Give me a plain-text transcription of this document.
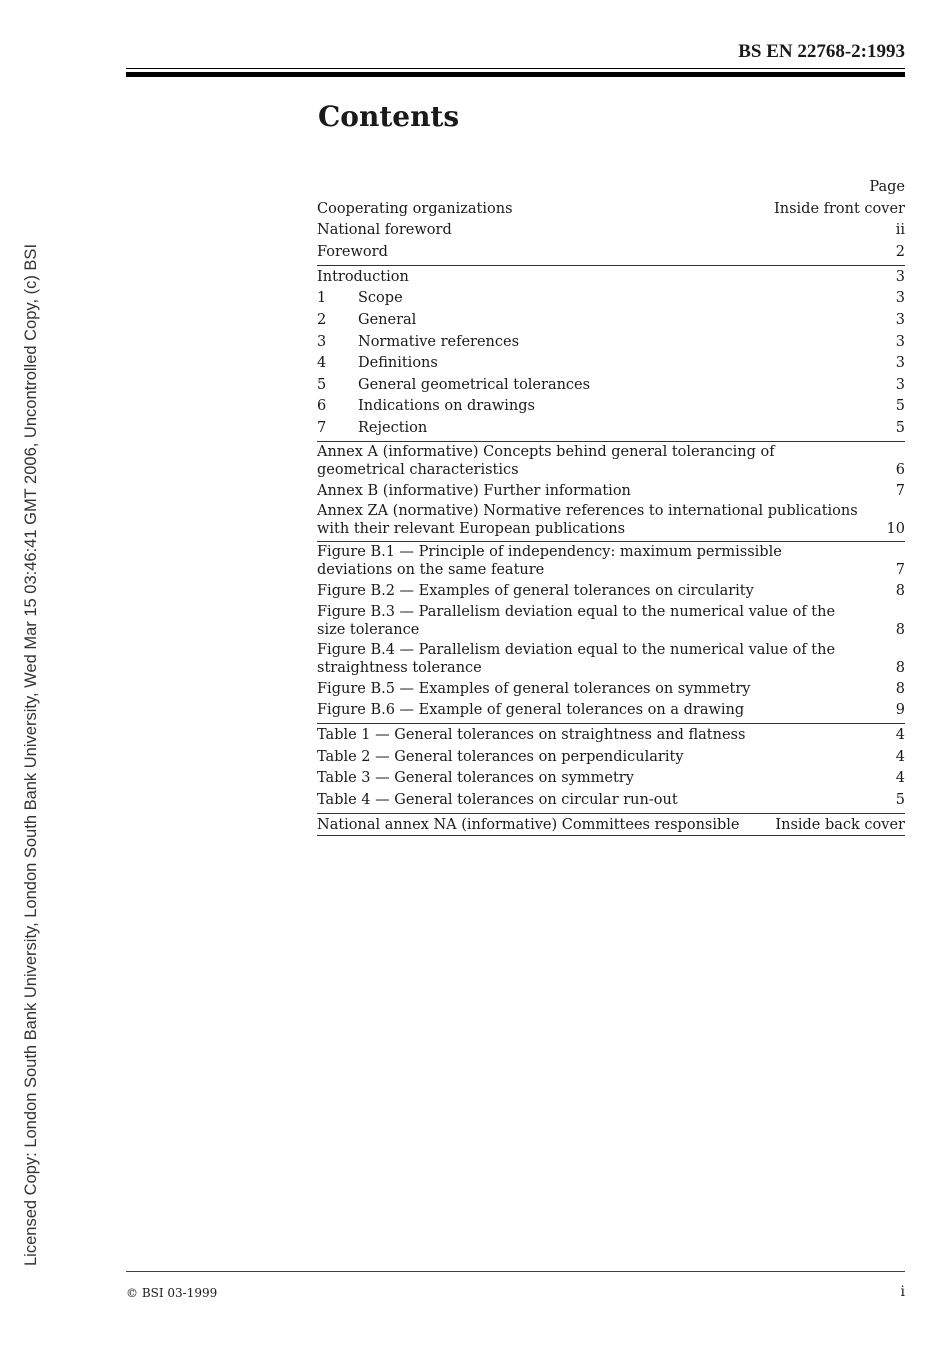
Licensed Copy: London South Bank University, London South Bank University, Wed Mar 15 03:46:41 GMT 2006, Uncontrolled Copy, (c) BSI
BS EN 22768-2:1993
Contents
Page
Cooperating organizations	Inside front cover
National foreword	ii
Foreword	2
Introduction	3
1 Scope	3
2 General	3
3 Normative references	3
4 Definitions	3
5 General geometrical tolerances	3
6 Indications on drawings	5
7 Rejection	5
Annex A (informative) Concepts behind general tolerancing of
geometrical characteristics	6
Annex B (informative) Further information	7
Annex ZA (normative) Normative references to international publications
with their relevant European publications	10
Figure B.1 — Principle of independency: maximum permissible
deviations on the same feature	7
Figure B.2 — Examples of general tolerances on circularity	8
Figure B.3 — Parallelism deviation equal to the numerical value of the
size tolerance	8
Figure B.4 — Parallelism deviation equal to the numerical value of the
straightness tolerance	8
Figure B.5 — Examples of general tolerances on symmetry	8
Figure B.6 — Example of general tolerances on a drawing	9
Table 1 — General tolerances on straightness and flatness	4
Table 2 — General tolerances on perpendicularity	4
Table 3 — General tolerances on symmetry	4
Table 4 — General tolerances on circular run-out	5
National annex NA (informative) Committees responsible	Inside back cover
© BSI 03-1999	i
